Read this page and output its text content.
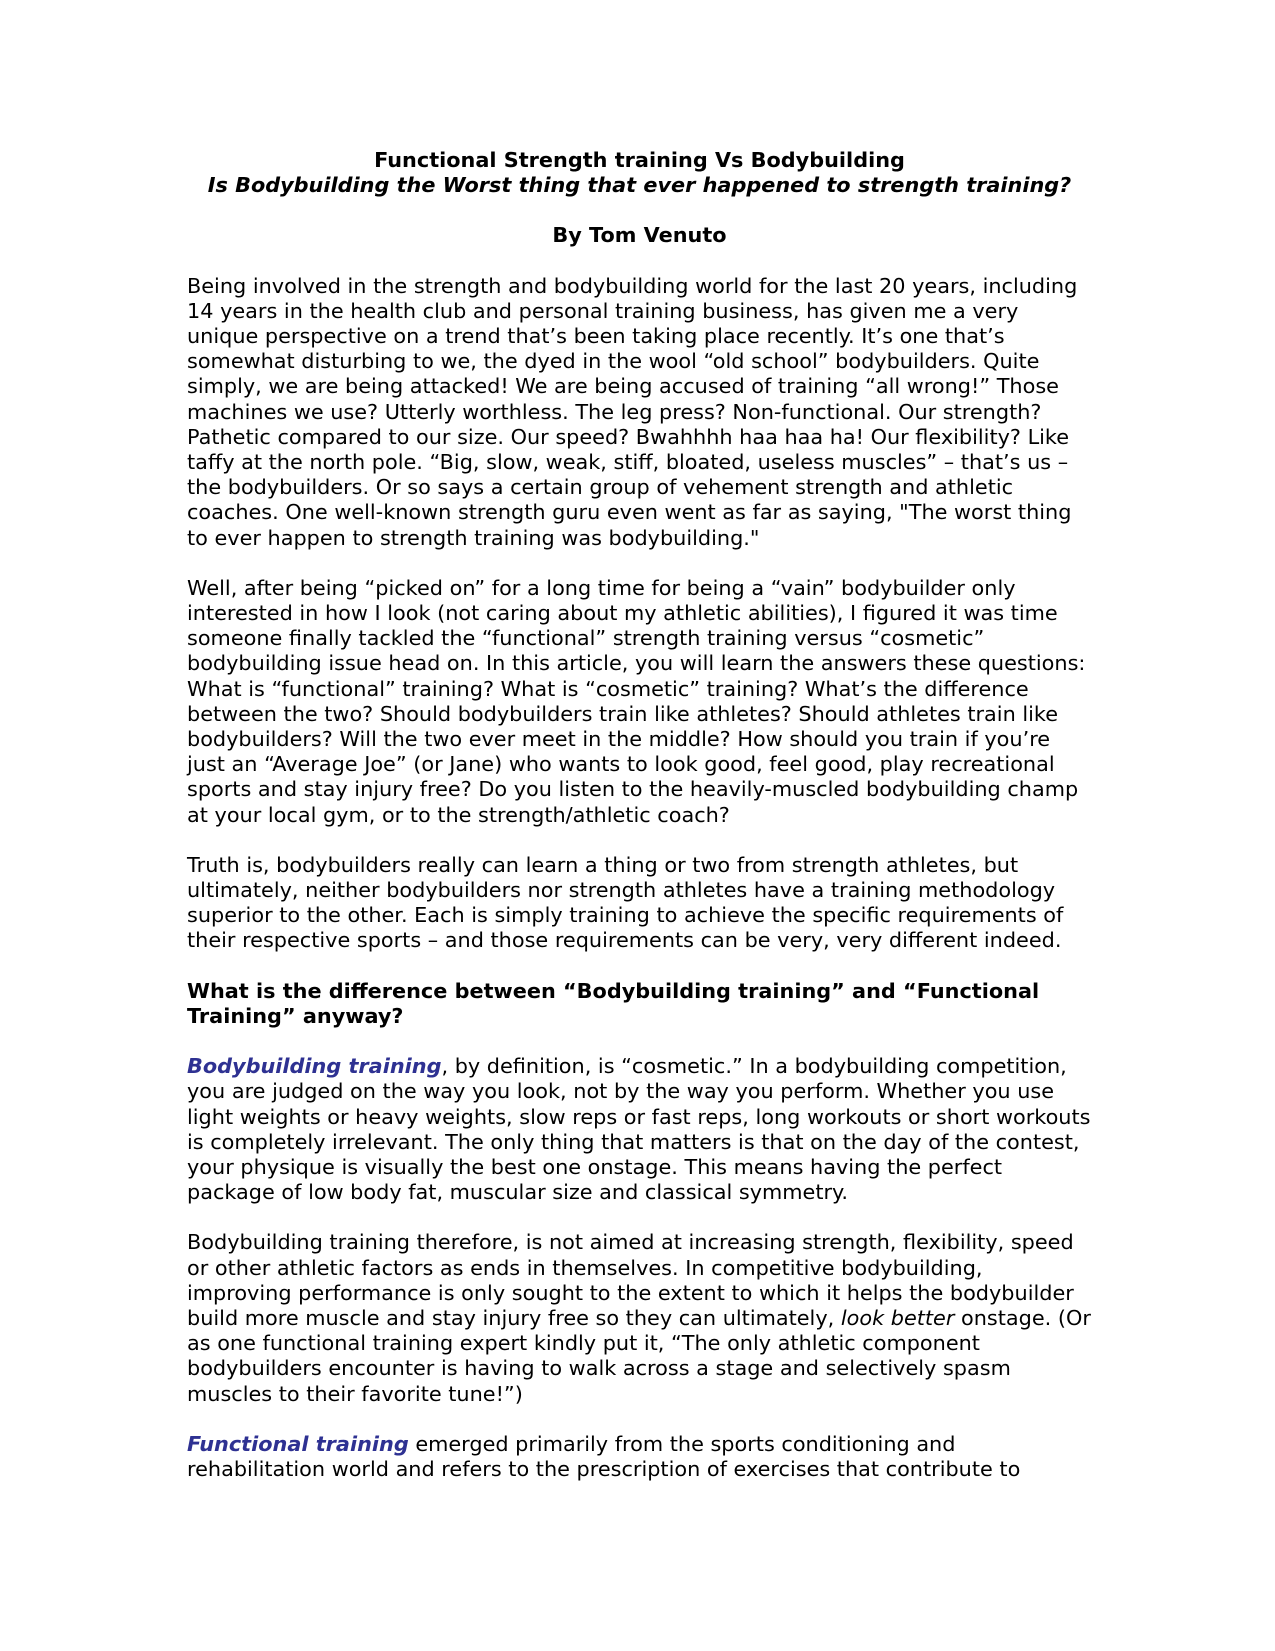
Functional Strength training Vs Bodybuilding
Is Bodybuilding the Worst thing that ever happened to strength training?
By Tom Venuto

Being involved in the strength and bodybuilding world for the last 20 years, including 14 years in the health club and personal training business, has given me a very unique perspective on a trend that’s been taking place recently. It’s one that’s somewhat disturbing to we, the dyed in the wool “old school” bodybuilders. Quite simply, we are being attacked! We are being accused of training “all wrong!” Those machines we use? Utterly worthless. The leg press? Non-functional. Our strength? Pathetic compared to our size. Our speed? Bwahhhh haa haa ha! Our flexibility? Like taffy at the north pole. “Big, slow, weak, stiff, bloated, useless muscles” – that’s us – the bodybuilders. Or so says a certain group of vehement strength and athletic coaches. One well-known strength guru even went as far as saying, "The worst thing to ever happen to strength training was bodybuilding."

Well, after being “picked on” for a long time for being a “vain” bodybuilder only interested in how I look (not caring about my athletic abilities), I figured it was time someone finally tackled the “functional” strength training versus “cosmetic” bodybuilding issue head on. In this article, you will learn the answers these questions: What is “functional” training? What is “cosmetic” training? What’s the difference between the two? Should bodybuilders train like athletes? Should athletes train like bodybuilders? Will the two ever meet in the middle? How should you train if you’re just an “Average Joe” (or Jane) who wants to look good, feel good, play recreational sports and stay injury free? Do you listen to the heavily-muscled bodybuilding champ at your local gym, or to the strength/athletic coach?

Truth is, bodybuilders really can learn a thing or two from strength athletes, but ultimately, neither bodybuilders nor strength athletes have a training methodology superior to the other. Each is simply training to achieve the specific requirements of their respective sports – and those requirements can be very, very different indeed.

What is the difference between “Bodybuilding training” and “Functional Training” anyway?

Bodybuilding training, by definition, is “cosmetic.” In a bodybuilding competition, you are judged on the way you look, not by the way you perform. Whether you use light weights or heavy weights, slow reps or fast reps, long workouts or short workouts is completely irrelevant. The only thing that matters is that on the day of the contest, your physique is visually the best one onstage. This means having the perfect package of low body fat, muscular size and classical symmetry.

Bodybuilding training therefore, is not aimed at increasing strength, flexibility, speed or other athletic factors as ends in themselves. In competitive bodybuilding, improving performance is only sought to the extent to which it helps the bodybuilder build more muscle and stay injury free so they can ultimately, look better onstage. (Or as one functional training expert kindly put it, “The only athletic component bodybuilders encounter is having to walk across a stage and selectively spasm muscles to their favorite tune!”)

Functional training emerged primarily from the sports conditioning and rehabilitation world and refers to the prescription of exercises that contribute to
